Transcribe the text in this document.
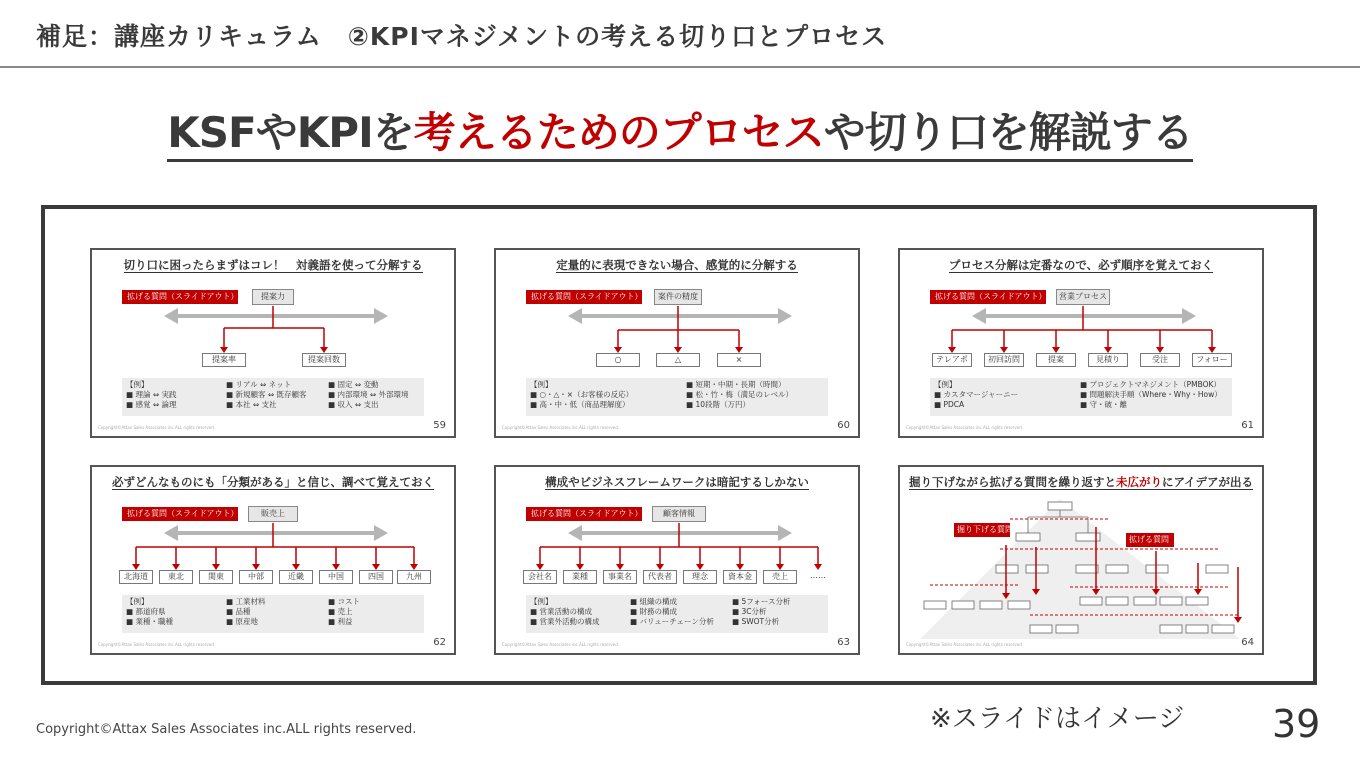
補足：講座カリキュラム　②KPIマネジメントの考える切り口とプロセス
KSFやKPIを考えるためのプロセスや切り口を解説する
切り口に困ったらまずはコレ！　対義語を使って分解する
拡げる質問（スライドアウト）	提案力
提案率	提案回数
【例】
■ 理論 ⇔ 実践
■ 感覚 ⇔ 論理
■ リアル ⇔ ネット
■ 新規顧客 ⇔ 既存顧客
■ 本社 ⇔ 支社
■ 固定 ⇔ 変動
■ 内部環境 ⇔ 外部環境
■ 収入 ⇔ 支出
Copyright©Attax Sales Associates inc.ALL rights reserved.	59
定量的に表現できない場合、感覚的に分解する
拡げる質問（スライドアウト）	案件の精度
○	△	×
【例】
■ ○・△・×（お客様の反応）
■ 高・中・低（商品理解度）
■ 短期・中期・長期（時間）
■ 松・竹・梅（満足のレベル）
■ 10段階（万円）
Copyright©Attax Sales Associates inc.ALL rights reserved.	60
プロセス分解は定番なので、必ず順序を覚えておく
拡げる質問（スライドアウト）	営業プロセス
テレアポ	初回訪問	提案	見積り	受注	フォロー
【例】
■ カスタマージャーニー
■ PDCA
■ プロジェクトマネジメント（PMBOK）
■ 問題解決手順（Where・Why・How）
■ 守・破・離
Copyright©Attax Sales Associates inc.ALL rights reserved.	61
必ずどんなものにも「分類がある」と信じ、調べて覚えておく
拡げる質問（スライドアウト）	販売上
北海道	東北	関東	中部	近畿	中国	四国	九州
【例】
■ 都道府県
■ 業種・職種
■ 工業材料
■ 品種
■ 原産地
■ コスト
■ 売上
■ 利益
Copyright©Attax Sales Associates inc.ALL rights reserved.	62
構成やビジネスフレームワークは暗記するしかない
拡げる質問（スライドアウト）	顧客情報
会社名	業種	事業名	代表者	理念	資本金	売上	……
【例】
■ 営業活動の構成
■ 営業外活動の構成
■ 組織の構成
■ 財務の構成
■ バリューチェーン分析
■ 5フォース分析
■ 3C分析
■ SWOT分析
Copyright©Attax Sales Associates inc.ALL rights reserved.	63
掘り下げながら拡げる質問を繰り返すと未広がりにアイデアが出る
掘り下げる質問
拡げる質問
Copyright©Attax Sales Associates inc.ALL rights reserved.	64
※スライドはイメージ
Copyright©Attax Sales Associates inc.ALL rights reserved.	39
